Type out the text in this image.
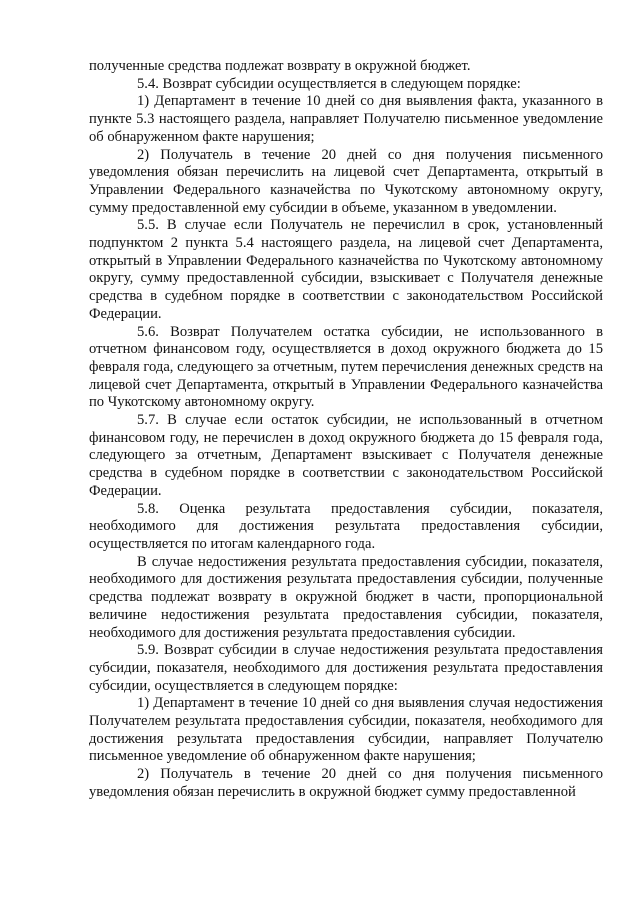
полученные средства подлежат возврату в окружной бюджет.

5.4. Возврат субсидии осуществляется в следующем порядке:

1) Департамент в течение 10 дней со дня выявления факта, указанного в пункте 5.3 настоящего раздела, направляет Получателю письменное уведомление об обнаруженном факте нарушения;

2) Получатель в течение 20 дней со дня получения письменного уведомления обязан перечислить на лицевой счет Департамента, открытый в Управлении Федерального казначейства по Чукотскому автономному округу, сумму предоставленной ему субсидии в объеме, указанном в уведомлении.

5.5. В случае если Получатель не перечислил в срок, установленный подпунктом 2 пункта 5.4 настоящего раздела, на лицевой счет Департамента, открытый в Управлении Федерального казначейства по Чукотскому автономному округу, сумму предоставленной субсидии, взыскивает с Получателя денежные средства в судебном порядке в соответствии с законодательством Российской Федерации.

5.6. Возврат Получателем остатка субсидии, не использованного в отчетном финансовом году, осуществляется в доход окружного бюджета до 15 февраля года, следующего за отчетным, путем перечисления денежных средств на лицевой счет Департамента, открытый в Управлении Федерального казначейства по Чукотскому автономному округу.

5.7. В случае если остаток субсидии, не использованный в отчетном финансовом году, не перечислен в доход окружного бюджета до 15 февраля года, следующего за отчетным, Департамент взыскивает с Получателя денежные средства в судебном порядке в соответствии с законодательством Российской Федерации.

5.8. Оценка результата предоставления субсидии, показателя, необходимого для достижения результата предоставления субсидии, осуществляется по итогам календарного года.

В случае недостижения результата предоставления субсидии, показателя, необходимого для достижения результата предоставления субсидии, полученные средства подлежат возврату в окружной бюджет в части, пропорциональной величине недостижения результата предоставления субсидии, показателя, необходимого для достижения результата предоставления субсидии.

5.9. Возврат субсидии в случае недостижения результата предоставления субсидии, показателя, необходимого для достижения результата предоставления субсидии, осуществляется в следующем порядке:

1) Департамент в течение 10 дней со дня выявления случая недостижения Получателем результата предоставления субсидии, показателя, необходимого для достижения результата предоставления субсидии, направляет Получателю письменное уведомление об обнаруженном факте нарушения;

2) Получатель в течение 20 дней со дня получения письменного уведомления обязан перечислить в окружной бюджет сумму предоставленной
